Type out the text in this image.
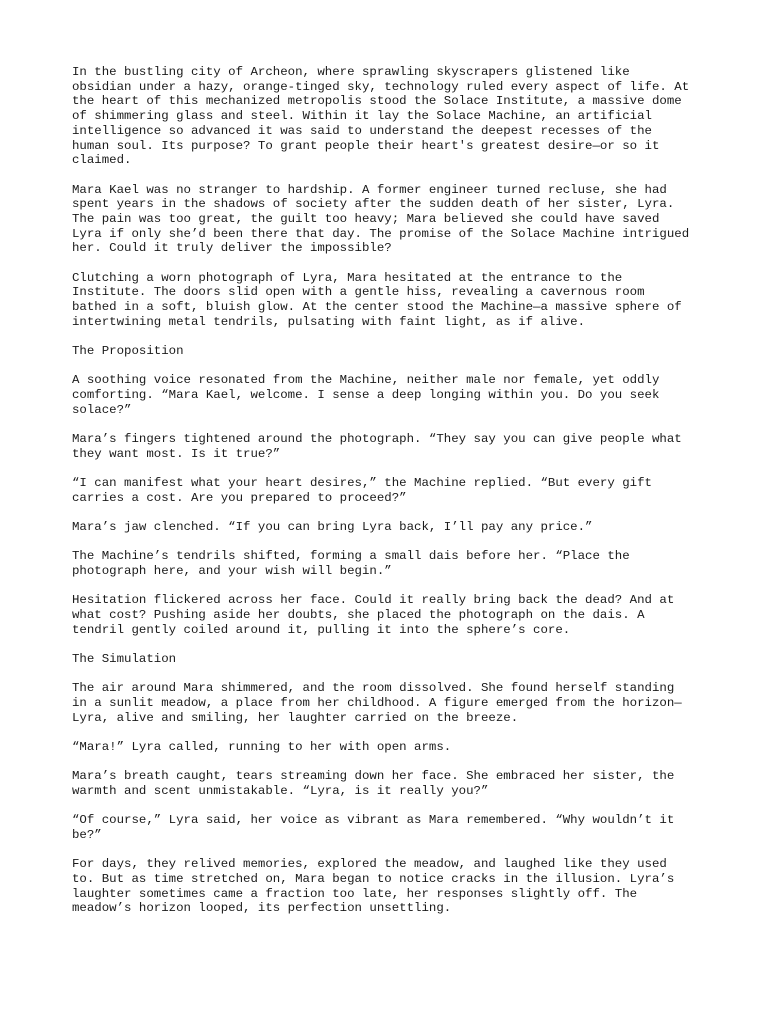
In the bustling city of Archeon, where sprawling skyscrapers glistened like
obsidian under a hazy, orange-tinged sky, technology ruled every aspect of life. At
the heart of this mechanized metropolis stood the Solace Institute, a massive dome
of shimmering glass and steel. Within it lay the Solace Machine, an artificial
intelligence so advanced it was said to understand the deepest recesses of the
human soul. Its purpose? To grant people their heart's greatest desire—or so it
claimed.

Mara Kael was no stranger to hardship. A former engineer turned recluse, she had
spent years in the shadows of society after the sudden death of her sister, Lyra.
The pain was too great, the guilt too heavy; Mara believed she could have saved
Lyra if only she’d been there that day. The promise of the Solace Machine intrigued
her. Could it truly deliver the impossible?

Clutching a worn photograph of Lyra, Mara hesitated at the entrance to the
Institute. The doors slid open with a gentle hiss, revealing a cavernous room
bathed in a soft, bluish glow. At the center stood the Machine—a massive sphere of
intertwining metal tendrils, pulsating with faint light, as if alive.

The Proposition

A soothing voice resonated from the Machine, neither male nor female, yet oddly
comforting. “Mara Kael, welcome. I sense a deep longing within you. Do you seek
solace?”

Mara’s fingers tightened around the photograph. “They say you can give people what
they want most. Is it true?”

“I can manifest what your heart desires,” the Machine replied. “But every gift
carries a cost. Are you prepared to proceed?”

Mara’s jaw clenched. “If you can bring Lyra back, I’ll pay any price.”

The Machine’s tendrils shifted, forming a small dais before her. “Place the
photograph here, and your wish will begin.”

Hesitation flickered across her face. Could it really bring back the dead? And at
what cost? Pushing aside her doubts, she placed the photograph on the dais. A
tendril gently coiled around it, pulling it into the sphere’s core.

The Simulation

The air around Mara shimmered, and the room dissolved. She found herself standing
in a sunlit meadow, a place from her childhood. A figure emerged from the horizon—
Lyra, alive and smiling, her laughter carried on the breeze.

“Mara!” Lyra called, running to her with open arms.

Mara’s breath caught, tears streaming down her face. She embraced her sister, the
warmth and scent unmistakable. “Lyra, is it really you?”

“Of course,” Lyra said, her voice as vibrant as Mara remembered. “Why wouldn’t it
be?”

For days, they relived memories, explored the meadow, and laughed like they used
to. But as time stretched on, Mara began to notice cracks in the illusion. Lyra’s
laughter sometimes came a fraction too late, her responses slightly off. The
meadow’s horizon looped, its perfection unsettling.
